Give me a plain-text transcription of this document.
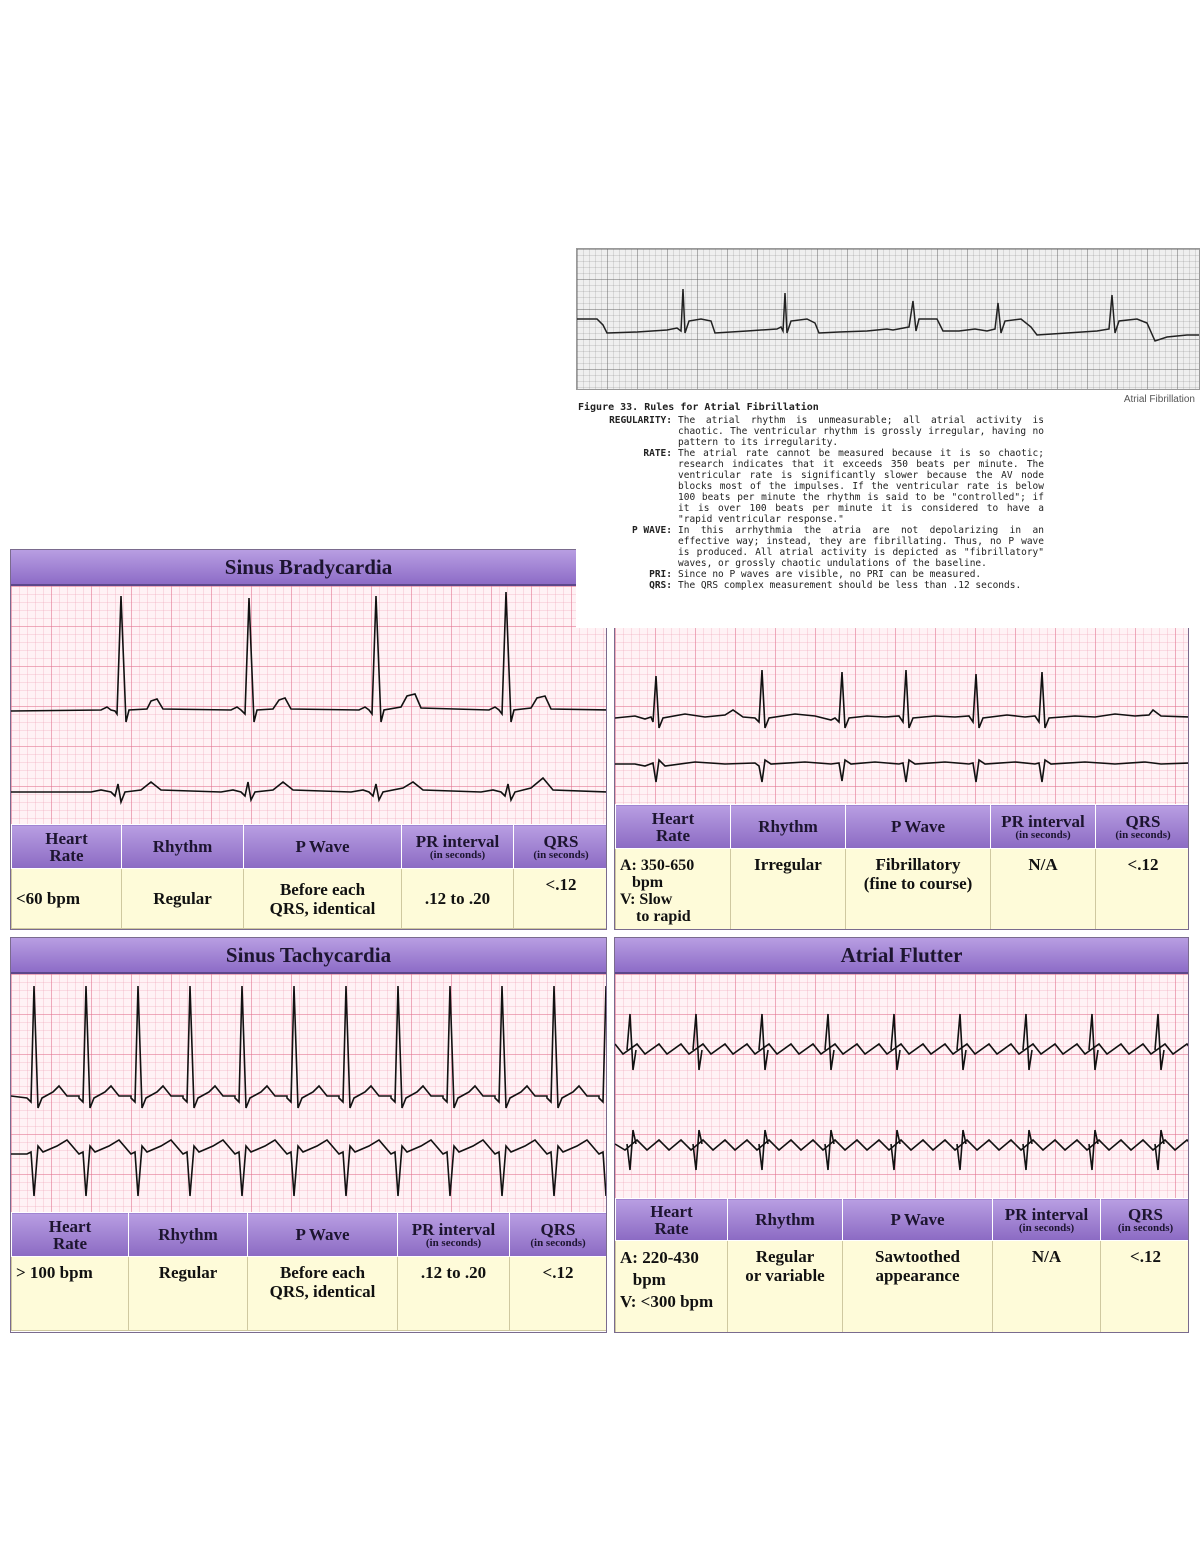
Sinus Bradycardia
Heart
Rate	Rhythm	P Wave	PR interval
(in seconds)	QRS
(in seconds)

<60 bpm	Regular	Before each
QRS, identical	.12 to .20	<.12
Heart
Rate	Rhythm	P Wave	PR interval
(in seconds)	QRS
(in seconds)

A: 350-650
bpm
V: Slow
to rapid	Irregular	Fibrillatory
(fine to course)	N/A	<.12
Atrial Fibrillation
Figure 33. Rules for Atrial Fibrillation
REGULARITY: The atrial rhythm is unmeasurable; all atrial activity is chaotic. The ventricular rhythm is grossly irregular, having no pattern to its irregularity.
RATE: The atrial rate cannot be measured because it is so chaotic; research indicates that it exceeds 350 beats per minute. The ventricular rate is significantly slower because the AV node blocks most of the impulses. If the ventricular rate is below 100 beats per minute the rhythm is said to be "controlled"; if it is over 100 beats per minute it is considered to have a "rapid ventricular response."
P WAVE: In this arrhythmia the atria are not depolarizing in an effective way; instead, they are fibrillating. Thus, no P wave is produced. All atrial activity is depicted as "fibrillatory" waves, or grossly chaotic undulations of the baseline.
PRI: Since no P waves are visible, no PRI can be measured.
QRS: The QRS complex measurement should be less than .12 seconds.
Sinus Tachycardia
Heart
Rate	Rhythm	P Wave	PR interval
(in seconds)	QRS
(in seconds)

> 100 bpm	Regular	Before each
QRS, identical	.12 to .20	<.12
Atrial Flutter
Heart
Rate	Rhythm	P Wave	PR interval
(in seconds)	QRS
(in seconds)

A: 220-430
bpm
V: <300 bpm	Regular
or variable	Sawtoothed
appearance	N/A	<.12
